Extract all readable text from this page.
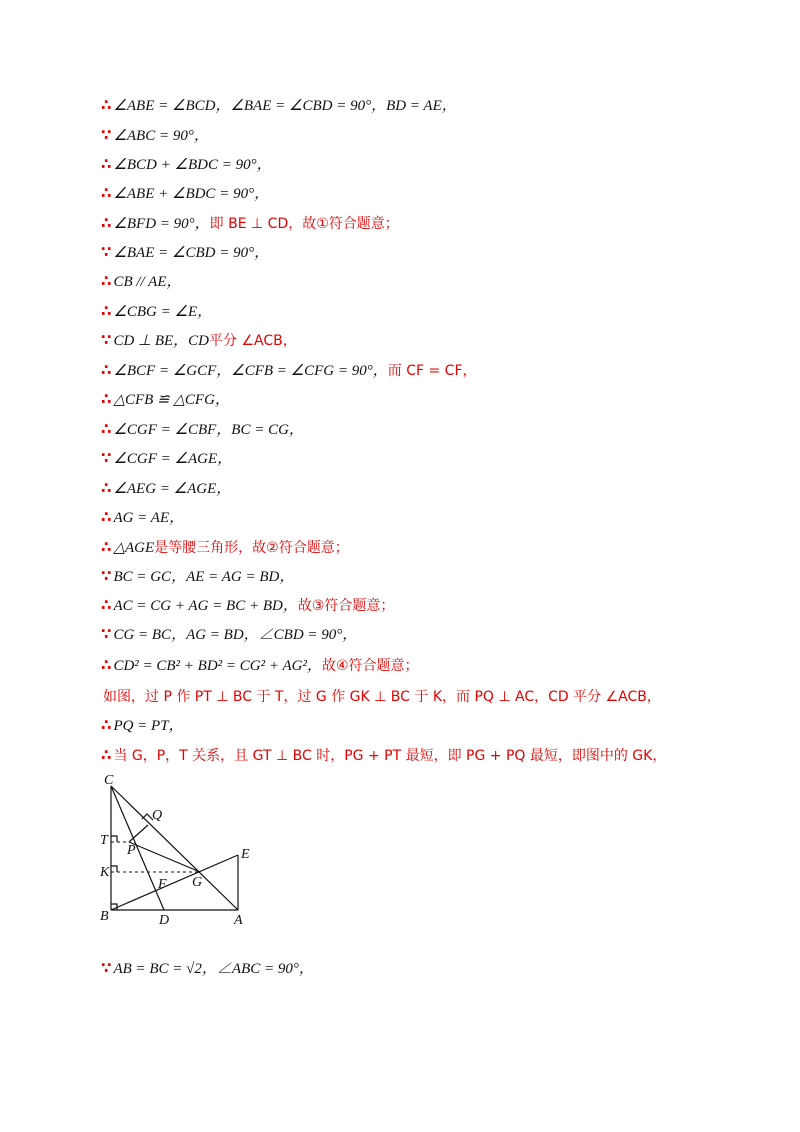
∴ ∠ABE = ∠BCD，∠BAE = ∠CBD = 90°，BD = AE，
∵ ∠ABC = 90°，
∴ ∠BCD + ∠BDC = 90°，
∴ ∠ABE + ∠BDC = 90°，
∴ ∠BFD = 90°，即 BE ⊥ CD，故①符合题意；
∵ ∠BAE = ∠CBD = 90°，
∴ CB // AE，
∴ ∠CBG = ∠E，
∵ CD ⊥ BE，CD平分 ∠ACB，
∴ ∠BCF = ∠GCF，∠CFB = ∠CFG = 90°，而 CF = CF，
∴ △CFB ≌ △CFG，
∴ ∠CGF = ∠CBF，BC = CG，
∵ ∠CGF = ∠AGE，
∴ ∠AEG = ∠AGE，
∴ AG = AE，
∴ △AGE是等腰三角形，故②符合题意；
∵ BC = GC，AE = AG = BD，
∴ AC = CG + AG = BC + BD，故③符合题意；
∵ CG = BC，AG = BD，∠CBD = 90°，
∴ CD² = CB² + BD² = CG² + AG²，故④符合题意；
如图，过 P 作 PT ⊥ BC 于 T，过 G 作 GK ⊥ BC 于 K，而 PQ ⊥ AC，CD 平分 ∠ACB，
∴ PQ = PT，
∴ 当 G，P，T 关系，且 GT ⊥ BC 时，PG + PT 最短，即 PG + PQ 最短，即图中的 GK，
C
Q
T
P
K
G
F
E
B	D	A
∵ AB = BC = √2，∠ABC = 90°，
